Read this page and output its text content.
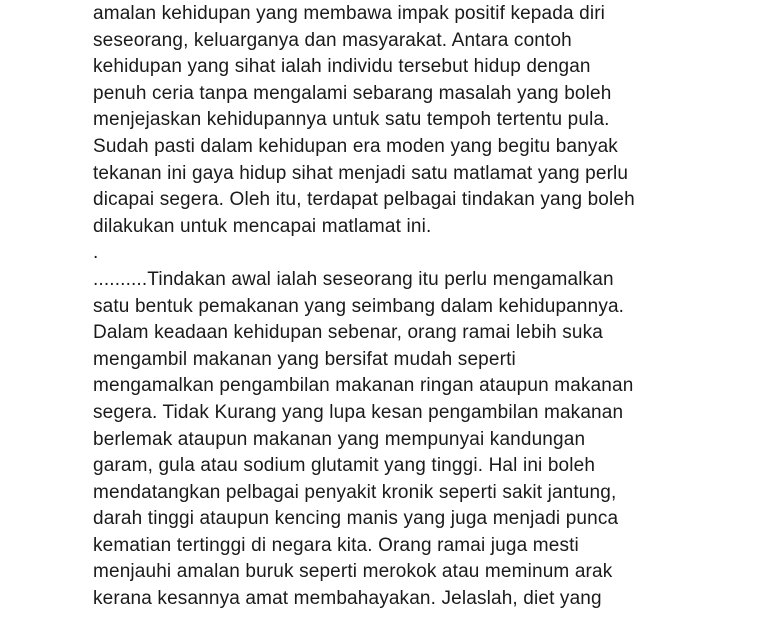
amalan kehidupan yang membawa impak positif kepada diri
seseorang, keluarganya dan masyarakat. Antara contoh
kehidupan yang sihat ialah individu tersebut hidup dengan
penuh ceria tanpa mengalami sebarang masalah yang boleh
menjejaskan kehidupannya untuk satu tempoh tertentu pula.
Sudah pasti dalam kehidupan era moden yang begitu banyak
tekanan ini gaya hidup sihat menjadi satu matlamat yang perlu
dicapai segera. Oleh itu, terdapat pelbagai tindakan yang boleh
dilakukan untuk mencapai matlamat ini.
.
..........Tindakan awal ialah seseorang itu perlu mengamalkan
satu bentuk pemakanan yang seimbang dalam kehidupannya.
Dalam keadaan kehidupan sebenar, orang ramai lebih suka
mengambil makanan yang bersifat mudah seperti
mengamalkan pengambilan makanan ringan ataupun makanan
segera. Tidak Kurang yang lupa kesan pengambilan makanan
berlemak ataupun makanan yang mempunyai kandungan
garam, gula atau sodium glutamit yang tinggi. Hal ini boleh
mendatangkan pelbagai penyakit kronik seperti sakit jantung,
darah tinggi ataupun kencing manis yang juga menjadi punca
kematian tertinggi di negara kita. Orang ramai juga mesti
menjauhi amalan buruk seperti merokok atau meminum arak
kerana kesannya amat membahayakan. Jelaslah, diet yang
